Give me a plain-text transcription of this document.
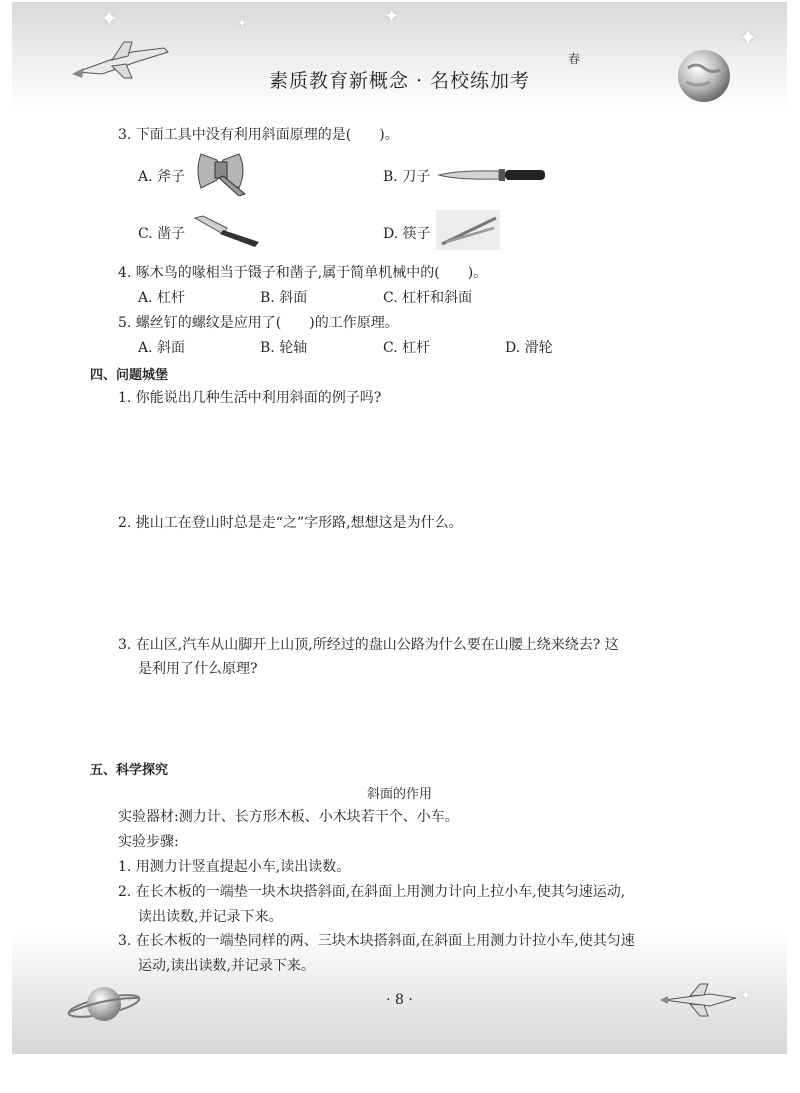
✦	✦
✦
✦
春
素质教育新概念 · 名校练加考
3. 下面工具中没有利用斜面原理的是(　　)。
A. 斧子	B. 刀子
C. 凿子	D. 筷子
4. 啄木鸟的喙相当于镊子和凿子,属于简单机械中的(　　)。
A. 杠杆	B. 斜面	C. 杠杆和斜面
5. 螺丝钉的螺纹是应用了(　　)的工作原理。
A. 斜面	B. 轮轴	C. 杠杆	D. 滑轮
四、问题城堡
1. 你能说出几种生活中利用斜面的例子吗?
2. 挑山工在登山时总是走“之”字形路,想想这是为什么。
3. 在山区,汽车从山脚开上山顶,所经过的盘山公路为什么要在山腰上绕来绕去? 这
是利用了什么原理?
五、科学探究
斜面的作用
实验器材:测力计、长方形木板、小木块若干个、小车。
实验步骤:
1. 用测力计竖直提起小车,读出读数。
2. 在长木板的一端垫一块木块搭斜面,在斜面上用测力计向上拉小车,使其匀速运动,
读出读数,并记录下来。
3. 在长木板的一端垫同样的两、三块木块搭斜面,在斜面上用测力计拉小车,使其匀速
运动,读出读数,并记录下来。
· 8 ·	✦
